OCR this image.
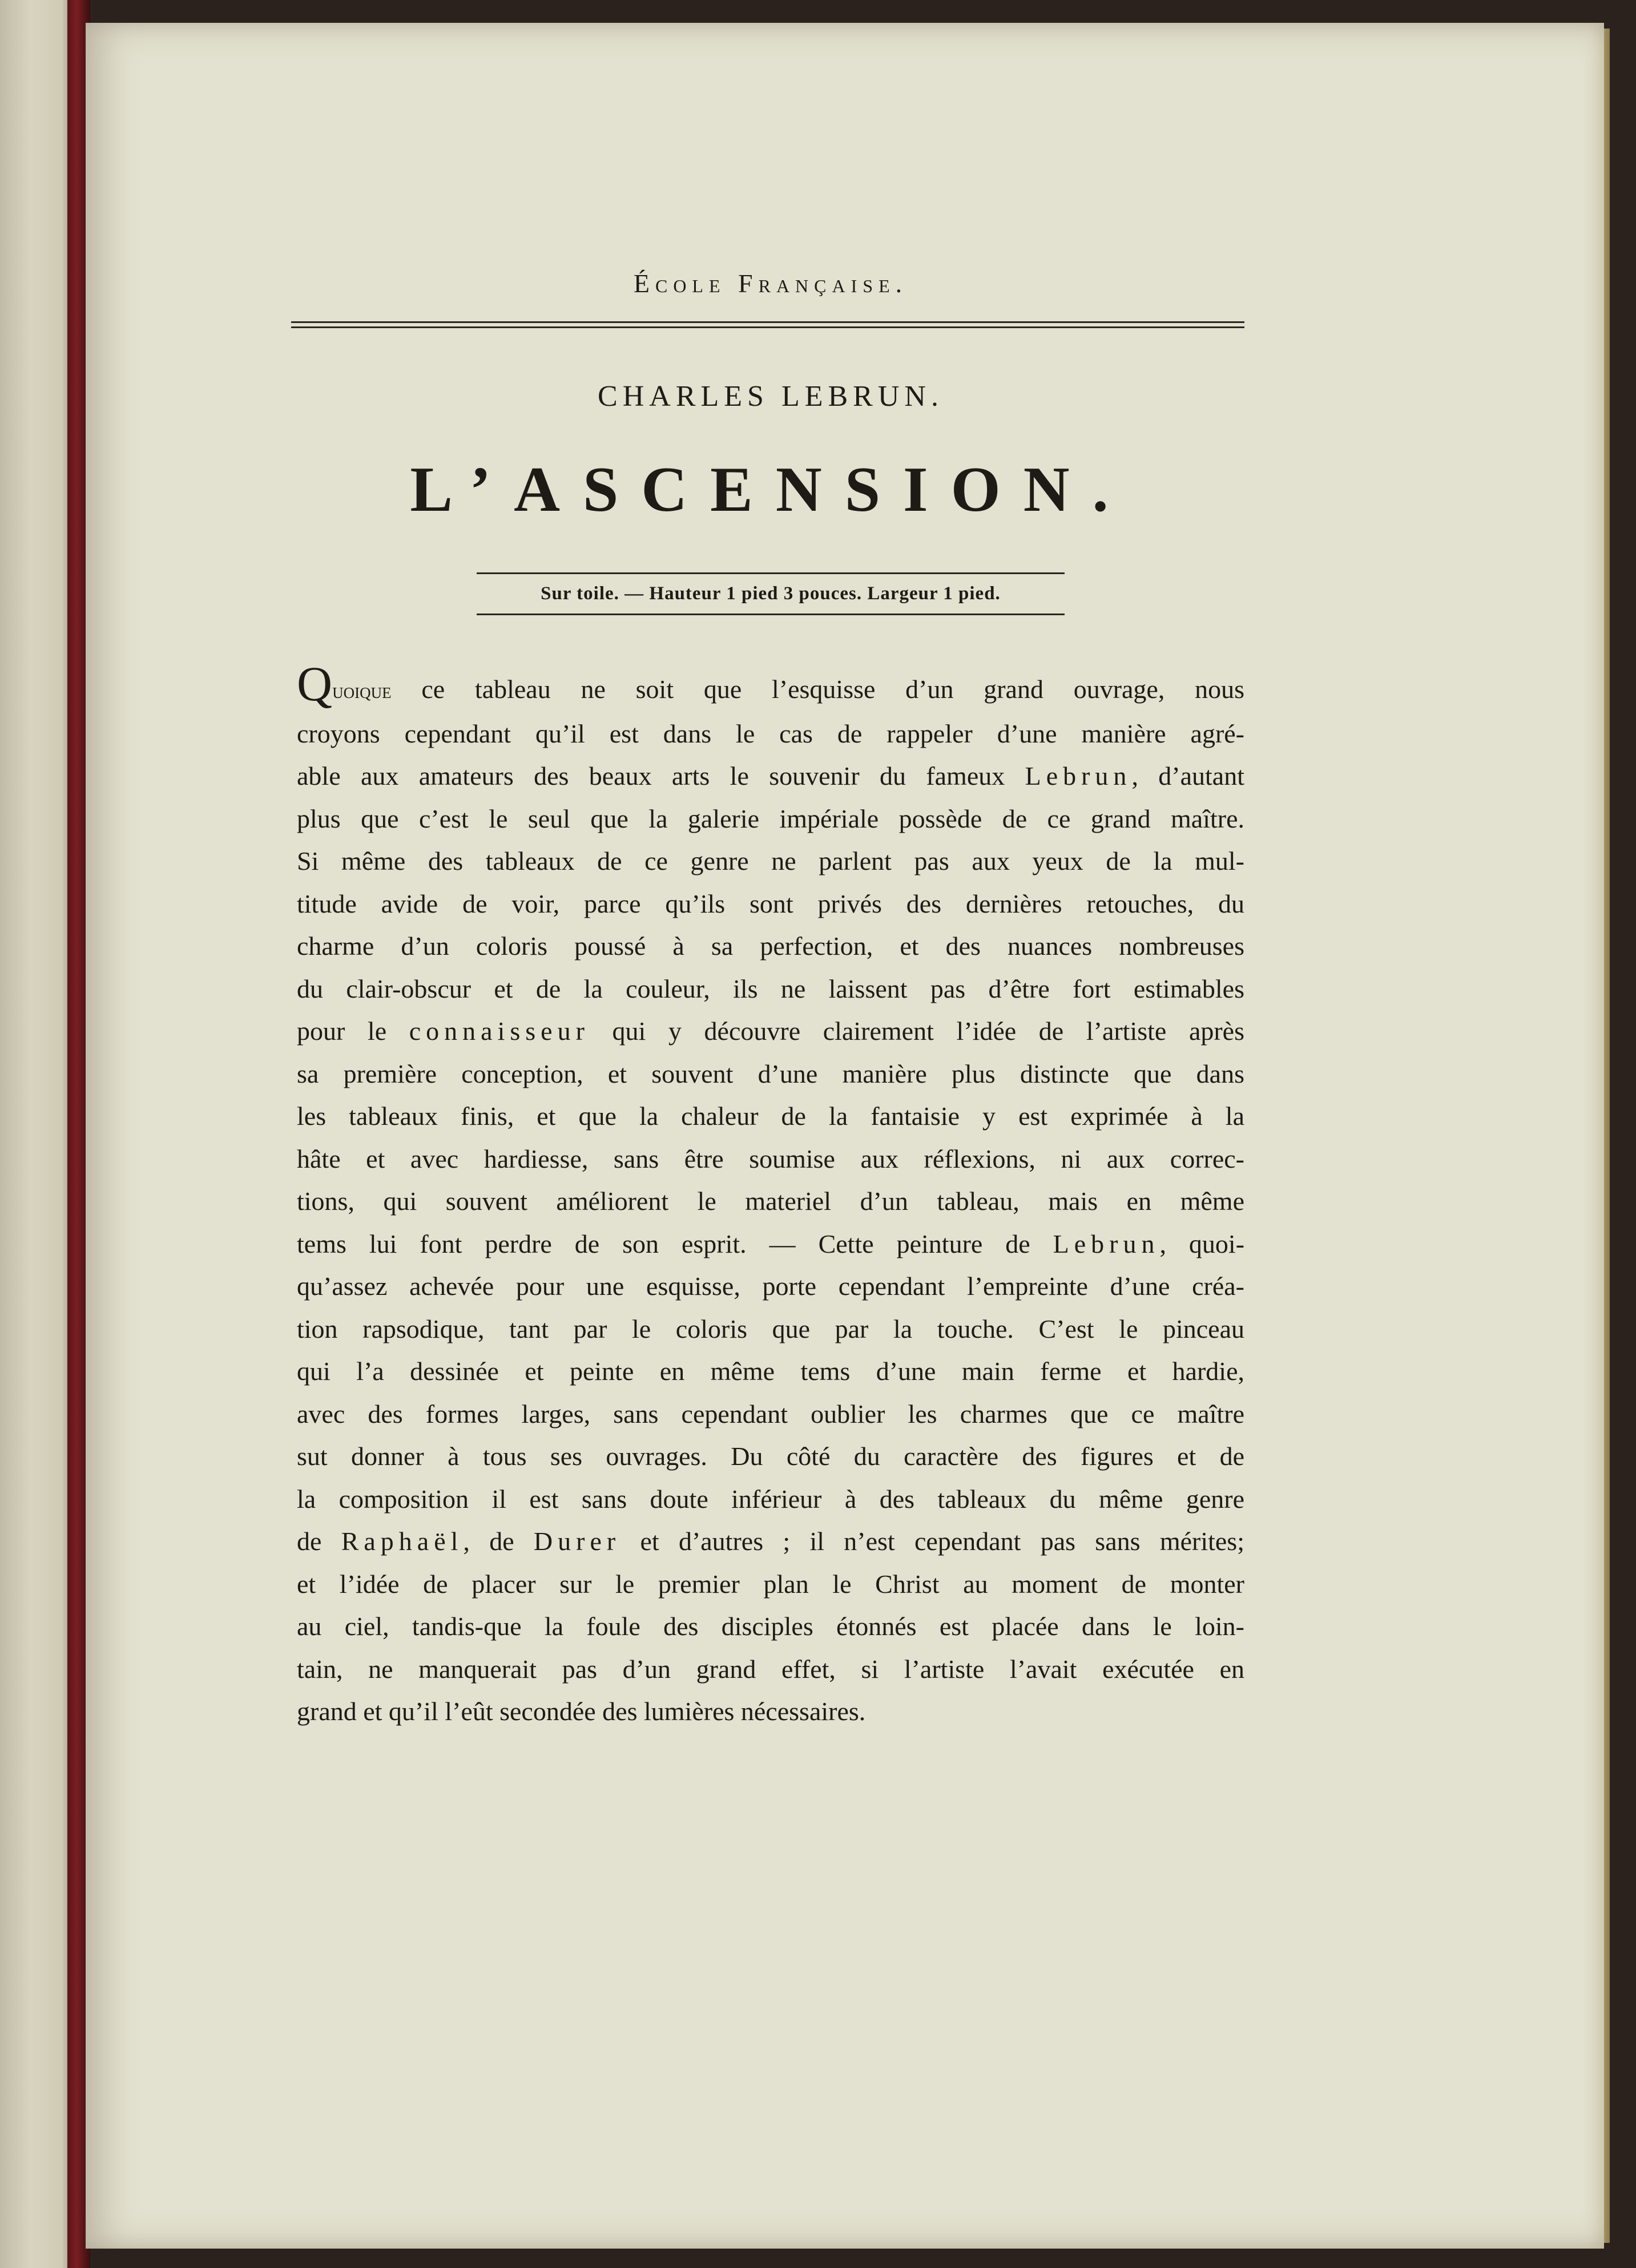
École Française.
CHARLES LEBRUN.
L’ASCENSION.
Sur toile. — Hauteur 1 pied 3 pouces. Largeur 1 pied.
Quoique ce tableau ne soit que l’esquisse d’un grand ouvrage, nous
croyons cependant qu’il est dans le cas de rappeler d’une manière agré-
able aux amateurs des beaux arts le souvenir du fameux Lebrun, d’autant
plus que c’est le seul que la galerie impériale possède de ce grand maître.
Si même des tableaux de ce genre ne parlent pas aux yeux de la mul-
titude avide de voir, parce qu’ils sont privés des dernières retouches, du
charme d’un coloris poussé à sa perfection, et des nuances nombreuses
du clair-obscur et de la couleur, ils ne laissent pas d’être fort estimables
pour le connaisseur qui y découvre clairement l’idée de l’artiste après
sa première conception, et souvent d’une manière plus distincte que dans
les tableaux finis, et que la chaleur de la fantaisie y est exprimée à la
hâte et avec hardiesse, sans être soumise aux réflexions, ni aux correc-
tions, qui souvent améliorent le materiel d’un tableau, mais en même
tems lui font perdre de son esprit. — Cette peinture de Lebrun, quoi-
qu’assez achevée pour une esquisse, porte cependant l’empreinte d’une créa-
tion rapsodique, tant par le coloris que par la touche. C’est le pinceau
qui l’a dessinée et peinte en même tems d’une main ferme et hardie,
avec des formes larges, sans cependant oublier les charmes que ce maître
sut donner à tous ses ouvrages. Du côté du caractère des figures et de
la composition il est sans doute inférieur à des tableaux du même genre
de Raphaël, de Durer et d’autres ; il n’est cependant pas sans mérites;
et l’idée de placer sur le premier plan le Christ au moment de monter
au ciel, tandis-que la foule des disciples étonnés est placée dans le loin-
tain, ne manquerait pas d’un grand effet, si l’artiste l’avait exécutée en
grand et qu’il l’eût secondée des lumières nécessaires.
